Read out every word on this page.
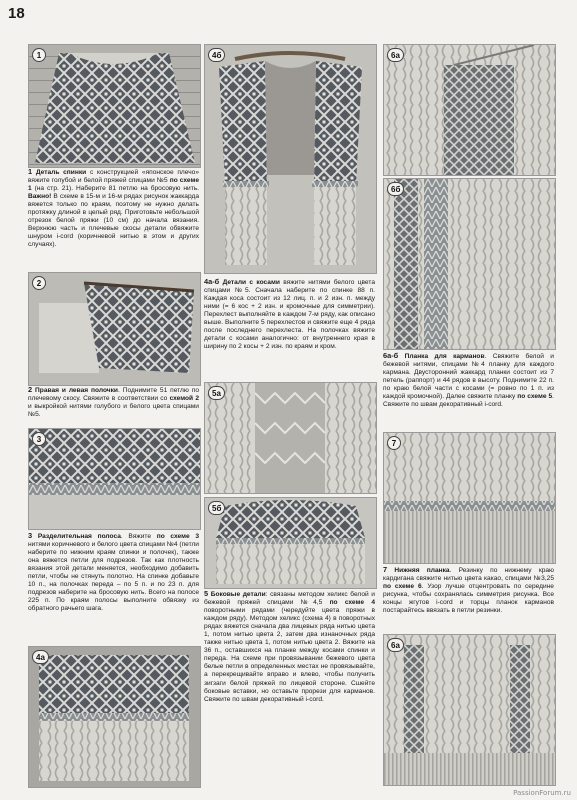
18
1
1 Деталь спинки с конструкцией «японское плечо» вяжите голубой и белой пряжей спицами №5 по схеме 1 (на стр. 21). Наберите 81 петлю на бросовую нить. Важно! В схеме в 15-м и 16-м рядах рисунок жаккарда вяжется только по краям, поэтому не нужно делать протяжку длиной в целый ряд. Приготовьте небольшой отрезок белой пряжи (10 см) до начала вязания. Верхнюю часть и плечевые скосы детали обвяжите шнуром i-cord (коричневой нитью в этом и других случаях).
2
2 Правая и левая полочки. Поднимите 51 петлю по плечевому скосу. Свяжите в соответствии со схемой 2 и выкройкой нитями голубого и белого цвета спицами №5.
3
3 Разделительная полоса. Вяжите по схеме 3 нитями коричневого и белого цвета спицами №4 (петли наберите по нижним краям спинки и полочек), также она вяжется петли для подрезов. Так как плотность вязания этой детали меняется, необходимо добавить петли, чтобы не стянуть полотно. На спинке добавьте 10 п., на полочках переда – по 5 п. и по 23 п. для подрезов наберите на бросовую нить. Всего на полосе 225 п. По краям полосы выполните обвязку из обратного рачьего шага.
4а
4б
4а-б Детали с косами вяжите нитями белого цвета спицами №5. Сначала наберите по спинке 88 п. Каждая коса состоит из 12 лиц. п. и 2 изн. п. между ними (= 6 кос + 2 изн. и кромочные для симметрии). Перехлест выполняйте в каждом 7-м ряду, как описано выше. Выполните 5 перехлестов и свяжите еще 4 ряда после последнего перехлеста. На полочках вяжите детали с косами аналогично: от внутреннего края в ширину по 2 косы + 2 изн. по краям и кром.
5а
5б
5 Боковые детали: связаны методом хеликс белой и бежевой пряжей спицами №4,5 по схеме 4 поворотными рядами (чередуйте цвета пряжи в каждом ряду). Методом хеликс (схема 4) в поворотных рядах вяжется сначала два лицевых ряда нитью цвета 1, потом нитью цвета 2, затем два изнаночных ряда также нитью цвета 1, потом нитью цвета 2. Вяжите на 36 п., оставшихся на планке между косами спинки и переда. На схеме при провязывании бежевого цвета белые петли в определенных местах не провязывайте, а перекрещивайте вправо и влево, чтобы получить зигзаги белой пряжей по лицевой стороне. Сшейте боковые вставки, но оставьте прорези для карманов. Свяжите по швам декоративный i-cord.
6а
6б
6а-б Планка для карманов. Свяжите белой и бежевой нитями, спицами №4 планку для каждого кармана. Двусторонний жаккард планки состоит из 7 петель (раппорт) и 44 рядов в высоту. Поднимите 22 п. по краю белой части с косами (= ровно по 1 п. из каждой кромочной). Далее свяжите планку по схеме 5. Свяжите по швам декоративный i-cord.
7
7 Нижняя планка. Резинку по нижнему краю кардигана свяжите нитью цвета какао, спицами №3,25 по схеме 6. Узор лучше отцентровать по середине рисунка, чтобы сохранялась симметрия рисунка. Все концы жгутов i-cord и торцы планок карманов постарайтесь ввязать в петли резинки.
6а
PassionForum.ru
